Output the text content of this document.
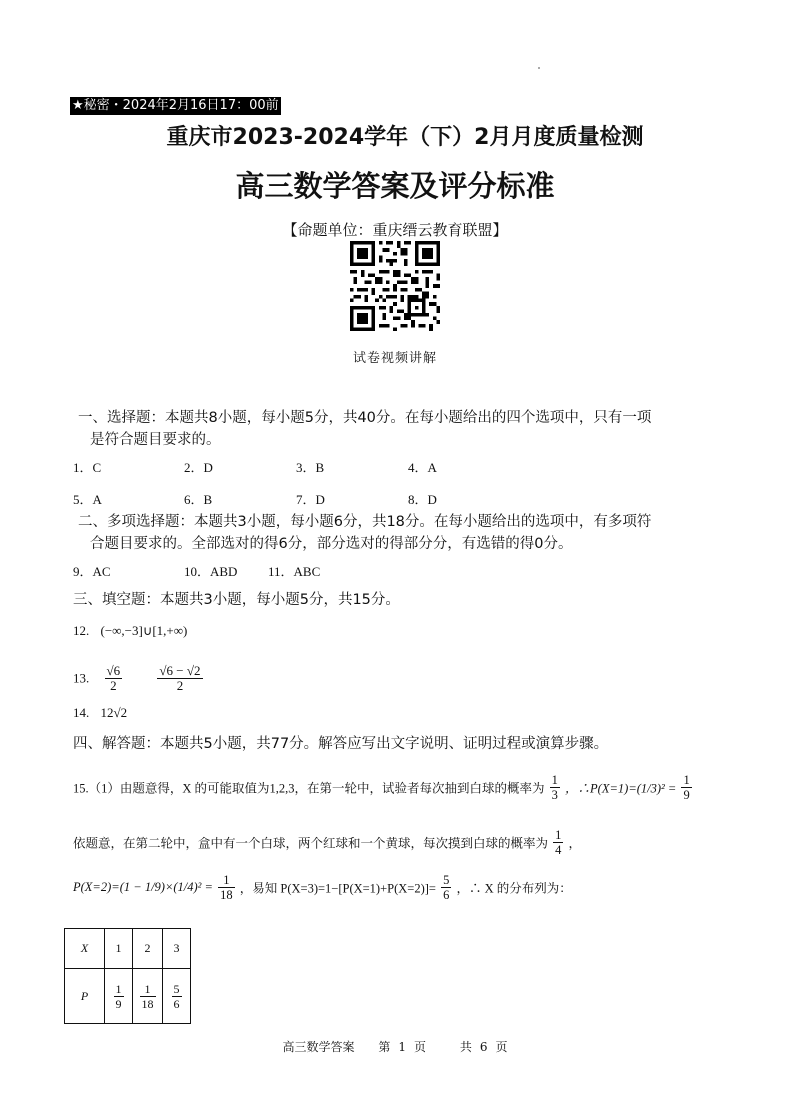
★秘密・2024年2月16日17：00前
重庆市2023-2024学年（下）2月月度质量检测
高三数学答案及评分标准
【命题单位：重庆缙云教育联盟】
试卷视频讲解
一、选择题：本题共8小题，每小题5分，共40分。在每小题给出的四个选项中，只有一项
是符合题目要求的。
1．C	2．D	3．B	4．A
5．A	6．B	7．D	8．D
二、多项选择题：本题共3小题，每小题6分，共18分。在每小题给出的选项中，有多项符
合题目要求的。全部选对的得6分，部分选对的得部分分，有选错的得0分。
9．AC	10．ABD 11．ABC
三、填空题：本题共3小题，每小题5分，共15分。
12. (−∞,−3]∪[1,+∞)
13. $\frac{√6}{2}$
	$\frac{√6 - √2}{2}$
14. 12√2
四、解答题：本题共5小题，共77分。解答应写出文字说明、证明过程或演算步骤。
15.（1）由题意得，X 的可能取值为1,2,3，在第一轮中，试验者每次抽到白球的概率为 $\frac{1}{3}$ ，∴P(X=1)=(1/3)² = $\frac{1}{9}$
依题意，在第二轮中，盒中有一个白球，两个红球和一个黄球，每次摸到白球的概率为 $\frac{1}{4}$ ，
$P(X=2)=(1 - 1/9)\times(1/4)^2 = \frac{1}{18}$ ，易知 $P(X=3)=1-[P(X=1)+P(X=2)]= \frac{5}{6}$ ，∴ X 的分布列为：
X	1	2	3
P	$\frac{1}{9}$	$\frac{1}{18}$	$\frac{5}{6}$
高三数学答案 第 1 页	共 6 页
